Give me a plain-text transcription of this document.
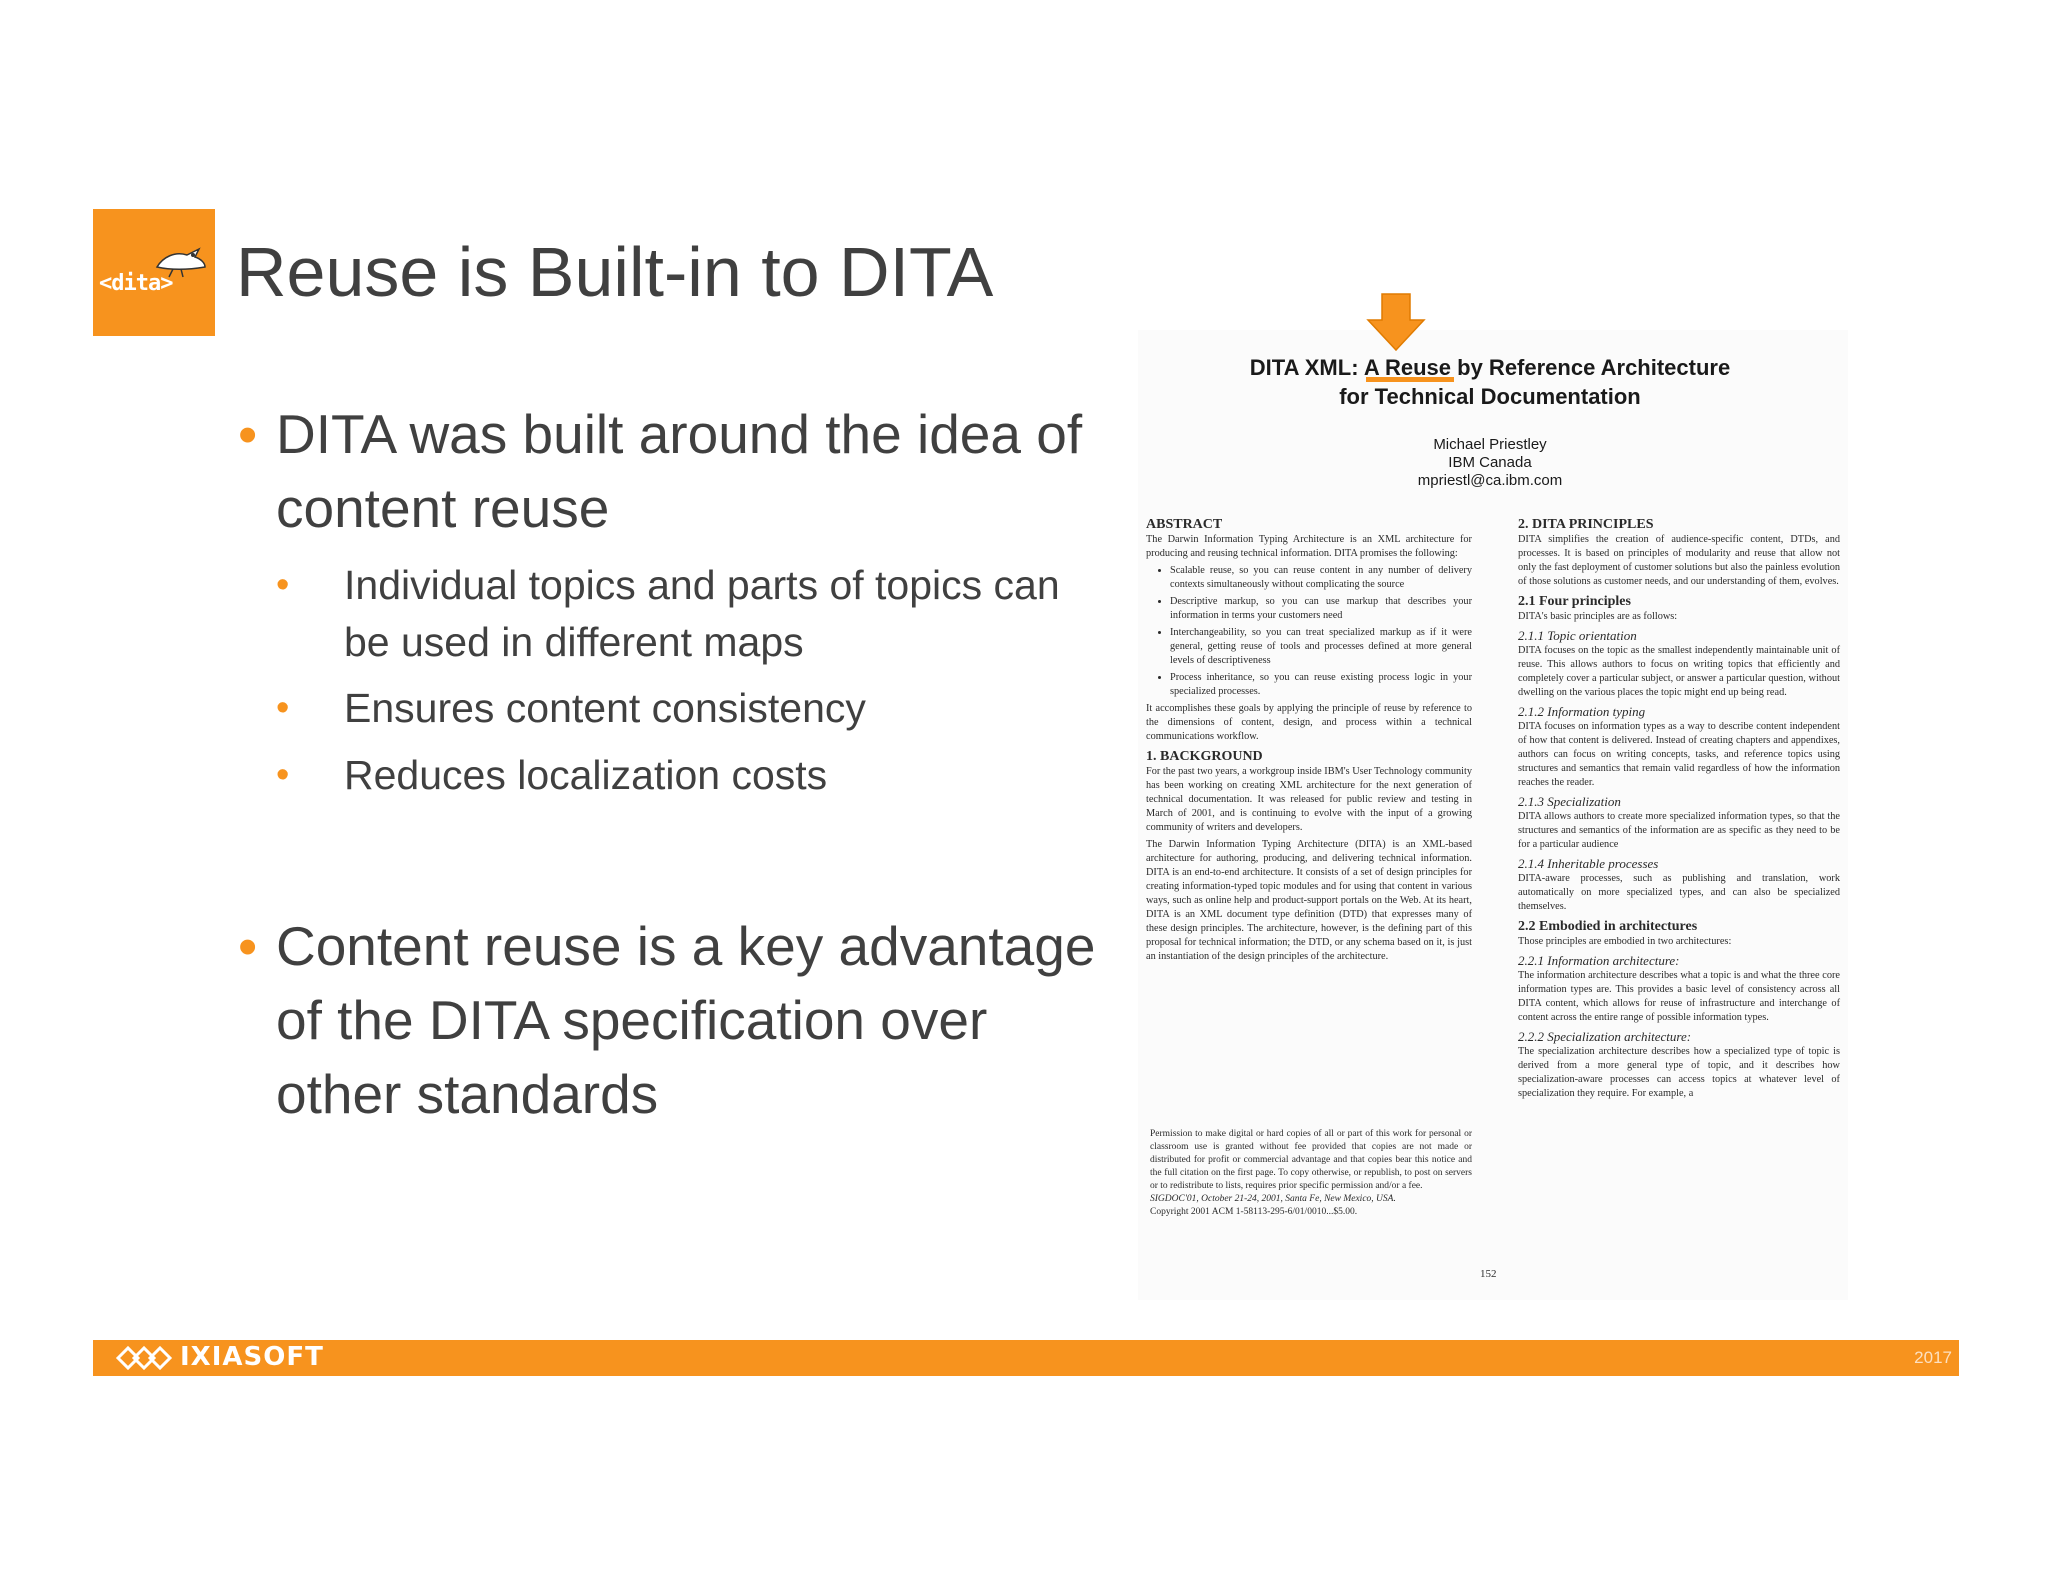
<dita> Reuse is Built-in to DITA
• DITA was built around the idea of
content reuse
• Individual topics and parts of topics can
be used in different maps
• Ensures content consistency
• Reduces localization costs
• Content reuse is a key advantage
of the DITA specification over
other standards
DITA XML: A Reuse by Reference Architecture
for Technical Documentation
Michael Priestley
IBM Canada
mpriestl@ca.ibm.com
ABSTRACT

The Darwin Information Typing Architecture is an XML architecture for producing and reusing technical information. DITA promises the following:

• Scalable reuse, so you can reuse content in any number of delivery contexts simultaneously without complicating the source
• Descriptive markup, so you can use markup that describes your information in terms your customers need
• Interchangeability, so you can treat specialized markup as if it were general, getting reuse of tools and processes defined at more general levels of descriptiveness
• Process inheritance, so you can reuse existing process logic in your specialized processes.

It accomplishes these goals by applying the principle of reuse by reference to the dimensions of content, design, and process within a technical communications workflow.

1. BACKGROUND

For the past two years, a workgroup inside IBM's User Technology community has been working on creating XML architecture for the next generation of technical documentation. It was released for public review and testing in March of 2001, and is continuing to evolve with the input of a growing community of writers and developers.

The Darwin Information Typing Architecture (DITA) is an XML-based architecture for authoring, producing, and delivering technical information. DITA is an end-to-end architecture. It consists of a set of design principles for creating information-typed topic modules and for using that content in various ways, such as online help and product-support portals on the Web. At its heart, DITA is an XML document type definition (DTD) that expresses many of these design principles. The architecture, however, is the defining part of this proposal for technical information; the DTD, or any schema based on it, is just an instantiation of the design principles of the architecture.

Permission to make digital or hard copies of all or part of this work for personal or classroom use is granted without fee provided that copies are not made or distributed for profit or commercial advantage and that copies bear this notice and the full citation on the first page. To copy otherwise, or republish, to post on servers or to redistribute to lists, requires prior specific permission and/or a fee.
SIGDOC'01, October 21-24, 2001, Santa Fe, New Mexico, USA.
Copyright 2001 ACM 1-58113-295-6/01/0010...$5.00.
2. DITA PRINCIPLES

DITA simplifies the creation of audience-specific content, DTDs, and processes. It is based on principles of modularity and reuse that allow not only the fast deployment of customer solutions but also the painless evolution of those solutions as customer needs, and our understanding of them, evolves.

2.1 Four principles

DITA's basic principles are as follows:

2.1.1 Topic orientation

DITA focuses on the topic as the smallest independently maintainable unit of reuse. This allows authors to focus on writing topics that efficiently and completely cover a particular subject, or answer a particular question, without dwelling on the various places the topic might end up being read.

2.1.2 Information typing

DITA focuses on information types as a way to describe content independent of how that content is delivered. Instead of creating chapters and appendixes, authors can focus on writing concepts, tasks, and reference topics using structures and semantics that remain valid regardless of how the information reaches the reader.

2.1.3 Specialization

DITA allows authors to create more specialized information types, so that the structures and semantics of the information are as specific as they need to be for a particular audience

2.1.4 Inheritable processes

DITA-aware processes, such as publishing and translation, work automatically on more specialized types, and can also be specialized themselves.

2.2 Embodied in architectures

Those principles are embodied in two architectures:

2.2.1 Information architecture:

The information architecture describes what a topic is and what the three core information types are. This provides a basic level of consistency across all DITA content, which allows for reuse of infrastructure and interchange of content across the entire range of possible information types.

2.2.2 Specialization architecture:

The specialization architecture describes how a specialized type of topic is derived from a more general type of topic, and it describes how specialization-aware processes can access topics at whatever level of specialization they require. For example, a

152
IXIASOFT	2017
